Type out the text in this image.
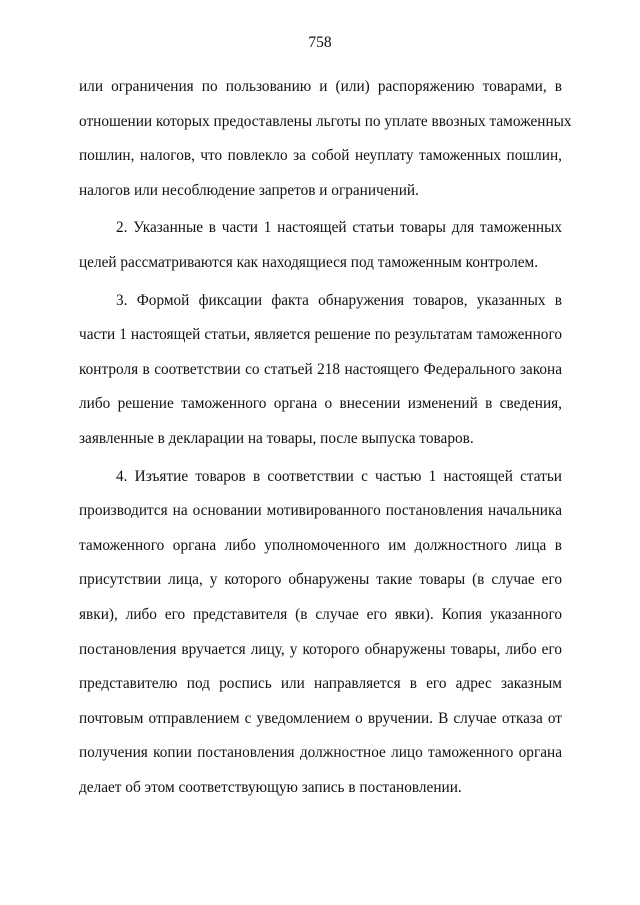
758
или ограничения по пользованию и (или) распоряжению товарами, в
отношении которых предоставлены льготы по уплате ввозных таможенных
пошлин, налогов, что повлекло за собой неуплату таможенных пошлин,
налогов или несоблюдение запретов и ограничений.
2. Указанные в части 1 настоящей статьи товары для таможенных
целей рассматриваются как находящиеся под таможенным контролем.
3. Формой фиксации факта обнаружения товаров, указанных в
части 1 настоящей статьи, является решение по результатам таможенного
контроля в соответствии со статьей 218 настоящего Федерального закона
либо решение таможенного органа о внесении изменений в сведения,
заявленные в декларации на товары, после выпуска товаров.
4. Изъятие товаров в соответствии с частью 1 настоящей статьи
производится на основании мотивированного постановления начальника
таможенного органа либо уполномоченного им должностного лица в
присутствии лица, у которого обнаружены такие товары (в случае его
явки), либо его представителя (в случае его явки). Копия указанного
постановления вручается лицу, у которого обнаружены товары, либо его
представителю под роспись или направляется в его адрес заказным
почтовым отправлением с уведомлением о вручении. В случае отказа от
получения копии постановления должностное лицо таможенного органа
делает об этом соответствующую запись в постановлении.
